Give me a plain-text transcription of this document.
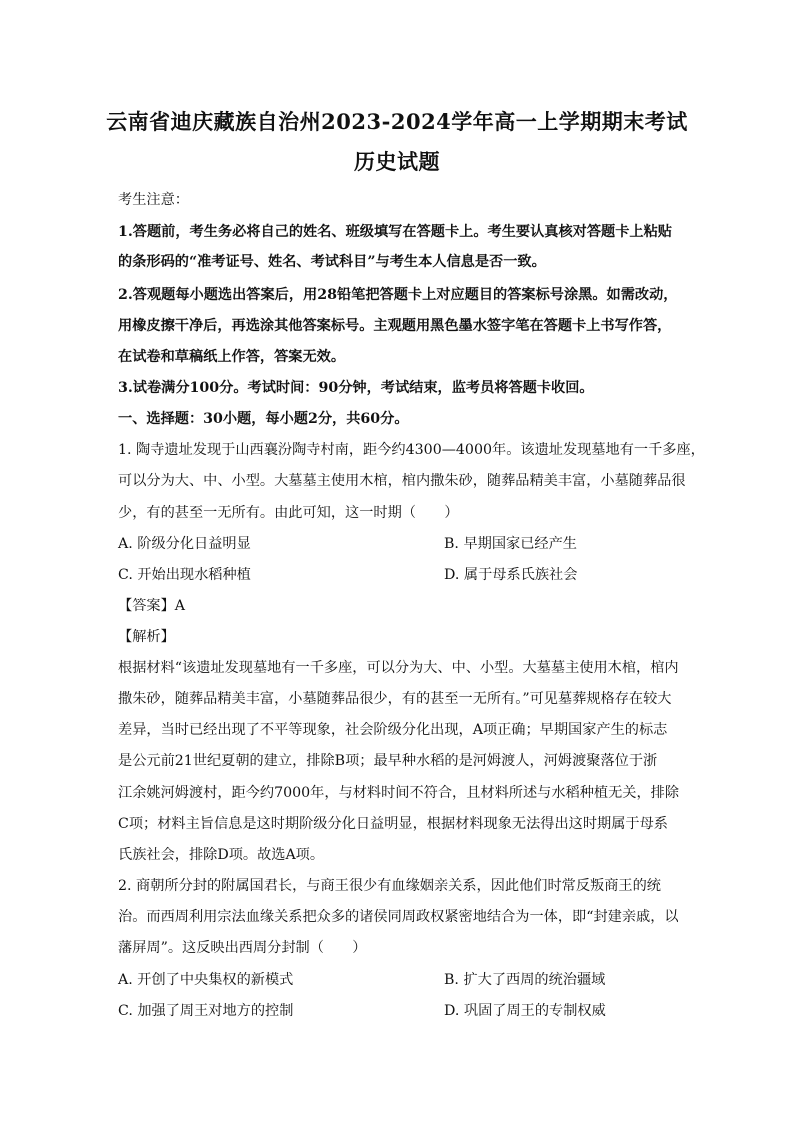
云南省迪庆藏族自治州2023-2024学年高一上学期期末考试
历史试题
考生注意：
1.答题前，考生务必将自己的姓名、班级填写在答题卡上。考生要认真核对答题卡上粘贴
的条形码的“准考证号、姓名、考试科目”与考生本人信息是否一致。
2.答观题每小题选出答案后，用28铅笔把答题卡上对应题目的答案标号涂黑。如需改动，
用橡皮擦干净后，再选涂其他答案标号。主观题用黑色墨水签字笔在答题卡上书写作答，
在试卷和草稿纸上作答，答案无效。
3.试卷满分100分。考试时间：90分钟，考试结束，监考员将答题卡收回。
一、选择题：30小题，每小题2分，共60分。
1. 陶寺遗址发现于山西襄汾陶寺村南，距今约4300—4000年。该遗址发现墓地有一千多座，
可以分为大、中、小型。大墓墓主使用木棺，棺内撒朱砂，随葬品精美丰富，小墓随葬品很
少，有的甚至一无所有。由此可知，这一时期（　　）
A. 阶级分化日益明显	B. 早期国家已经产生
C. 开始出现水稻种植	D. 属于母系氏族社会
【答案】A
【解析】
根据材料“该遗址发现墓地有一千多座，可以分为大、中、小型。大墓墓主使用木棺，棺内
撒朱砂，随葬品精美丰富，小墓随葬品很少，有的甚至一无所有。”可见墓葬规格存在较大
差异，当时已经出现了不平等现象，社会阶级分化出现，A项正确；早期国家产生的标志
是公元前21世纪夏朝的建立，排除B项；最早种水稻的是河姆渡人，河姆渡聚落位于浙
江余姚河姆渡村，距今约7000年，与材料时间不符合，且材料所述与水稻种植无关，排除
C项；材料主旨信息是这时期阶级分化日益明显，根据材料现象无法得出这时期属于母系
氏族社会，排除D项。故选A项。
2. 商朝所分封的附属国君长，与商王很少有血缘姻亲关系，因此他们时常反叛商王的统
治。而西周利用宗法血缘关系把众多的诸侯同周政权紧密地结合为一体，即“封建亲戚，以
藩屏周”。这反映出西周分封制（　　）
A. 开创了中央集权的新模式	B. 扩大了西周的统治疆域
C. 加强了周王对地方的控制	D. 巩固了周王的专制权威
